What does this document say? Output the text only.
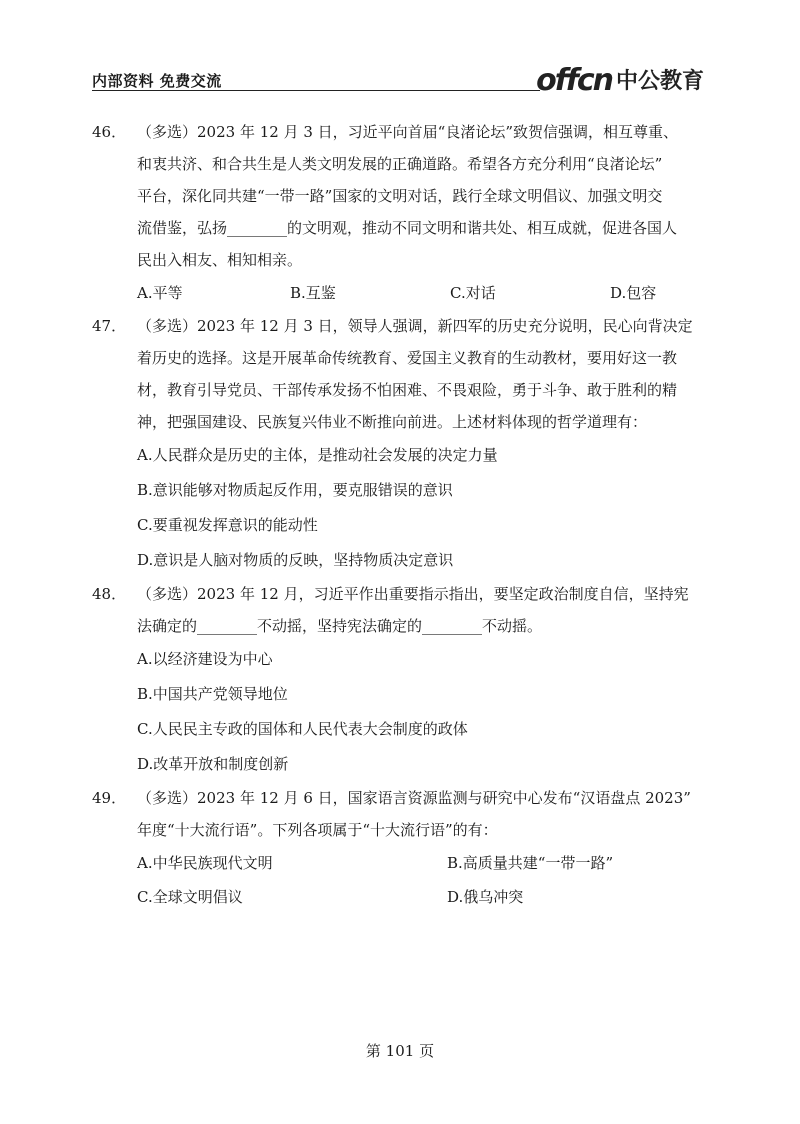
内部资料 免费交流	offcn 中公教育
46． （多选）2023 年 12 月 3 日，习近平向首届“良渚论坛”致贺信强调，相互尊重、
和衷共济、和合共生是人类文明发展的正确道路。希望各方充分利用“良渚论坛”
平台，深化同共建“一带一路”国家的文明对话，践行全球文明倡议、加强文明交
流借鉴，弘扬________的文明观，推动不同文明和谐共处、相互成就，促进各国人
民出入相友、相知相亲。
A.平等	B.互鉴	C.对话	D.包容
47． （多选）2023 年 12 月 3 日，领导人强调，新四军的历史充分说明，民心向背决定
着历史的选择。这是开展革命传统教育、爱国主义教育的生动教材，要用好这一教
材，教育引导党员、干部传承发扬不怕困难、不畏艰险，勇于斗争、敢于胜利的精
神，把强国建设、民族复兴伟业不断推向前进。上述材料体现的哲学道理有：
A.人民群众是历史的主体，是推动社会发展的决定力量
B.意识能够对物质起反作用，要克服错误的意识
C.要重视发挥意识的能动性
D.意识是人脑对物质的反映，坚持物质决定意识
48． （多选）2023 年 12 月，习近平作出重要指示指出，要坚定政治制度自信，坚持宪
法确定的________不动摇，坚持宪法确定的________不动摇。
A.以经济建设为中心
B.中国共产党领导地位
C.人民民主专政的国体和人民代表大会制度的政体
D.改革开放和制度创新
49． （多选）2023 年 12 月 6 日，国家语言资源监测与研究中心发布“汉语盘点 2023”
年度“十大流行语”。下列各项属于“十大流行语”的有：
A.中华民族现代文明	B.高质量共建“一带一路”
C.全球文明倡议	D.俄乌冲突
第 101 页
